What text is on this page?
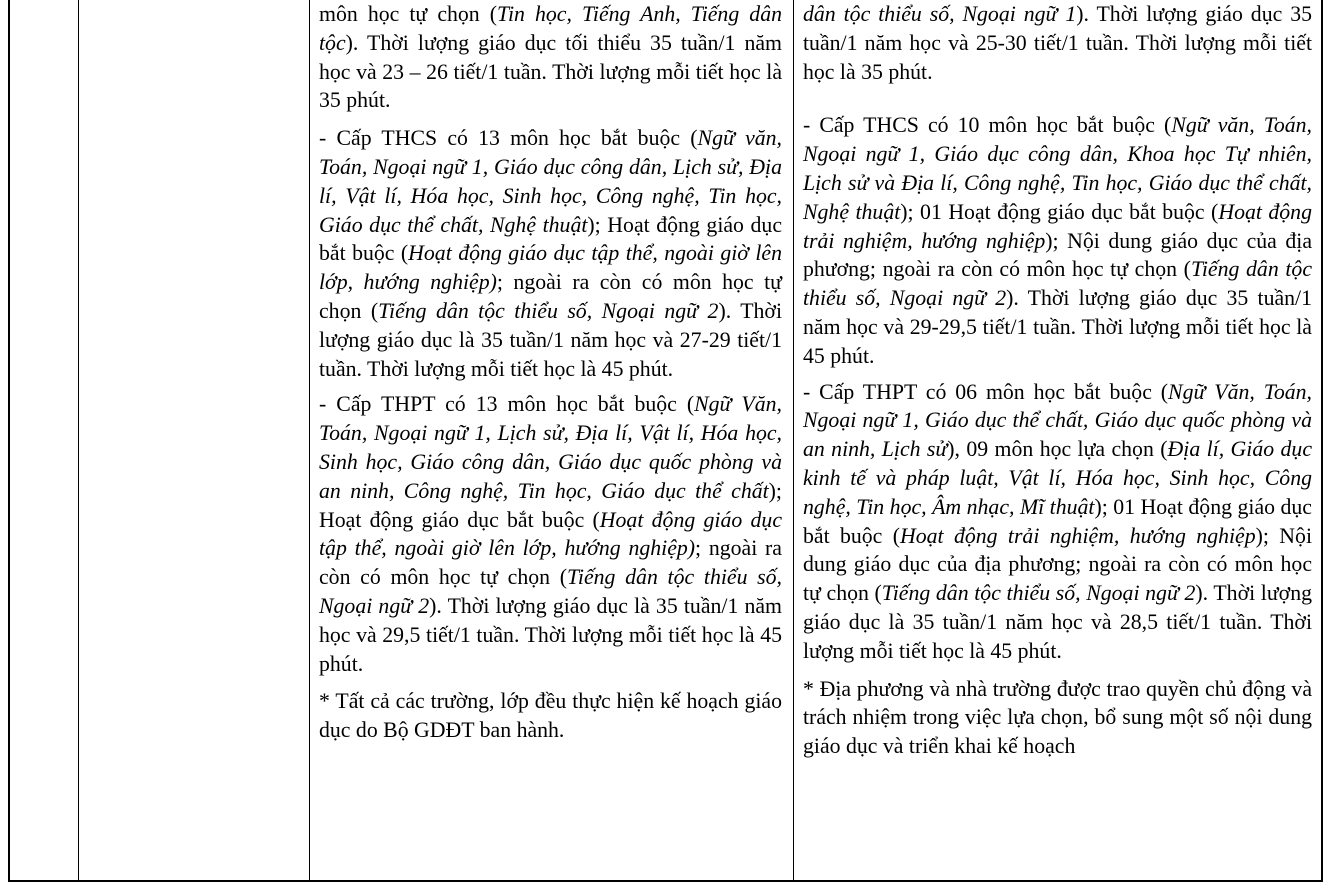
môn học tự chọn (Tin học, Tiếng Anh, Tiếng dân tộc). Thời lượng giáo dục tối thiểu 35 tuần/1 năm học và 23 – 26 tiết/1 tuần. Thời lượng mỗi tiết học là 35 phút.

- Cấp THCS có 13 môn học bắt buộc (Ngữ văn, Toán, Ngoại ngữ 1, Giáo dục công dân, Lịch sử, Địa lí, Vật lí, Hóa học, Sinh học, Công nghệ, Tin học, Giáo dục thể chất, Nghệ thuật); Hoạt động giáo dục bắt buộc (Hoạt động giáo dục tập thể, ngoài giờ lên lớp, hướng nghiệp); ngoài ra còn có môn học tự chọn (Tiếng dân tộc thiểu số, Ngoại ngữ 2). Thời lượng giáo dục là 35 tuần/1 năm học và 27-29 tiết/1 tuần. Thời lượng mỗi tiết học là 45 phút.

- Cấp THPT có 13 môn học bắt buộc (Ngữ Văn, Toán, Ngoại ngữ 1, Lịch sử, Địa lí, Vật lí, Hóa học, Sinh học, Giáo công dân, Giáo dục quốc phòng và an ninh, Công nghệ, Tin học, Giáo dục thể chất); Hoạt động giáo dục bắt buộc (Hoạt động giáo dục tập thể, ngoài giờ lên lớp, hướng nghiệp); ngoài ra còn có môn học tự chọn (Tiếng dân tộc thiểu số, Ngoại ngữ 2). Thời lượng giáo dục là 35 tuần/1 năm học và 29,5 tiết/1 tuần. Thời lượng mỗi tiết học là 45 phút.

* Tất cả các trường, lớp đều thực hiện kế hoạch giáo dục do Bộ GDĐT ban hành.

dân tộc thiểu số, Ngoại ngữ 1). Thời lượng giáo dục 35 tuần/1 năm học và 25-30 tiết/1 tuần. Thời lượng mỗi tiết học là 35 phút.

- Cấp THCS có 10 môn học bắt buộc (Ngữ văn, Toán, Ngoại ngữ 1, Giáo dục công dân, Khoa học Tự nhiên, Lịch sử và Địa lí, Công nghệ, Tin học, Giáo dục thể chất, Nghệ thuật); 01 Hoạt động giáo dục bắt buộc (Hoạt động trải nghiệm, hướng nghiệp); Nội dung giáo dục của địa phương; ngoài ra còn có môn học tự chọn (Tiếng dân tộc thiểu số, Ngoại ngữ 2). Thời lượng giáo dục 35 tuần/1 năm học và 29-29,5 tiết/1 tuần. Thời lượng mỗi tiết học là 45 phút.

- Cấp THPT có 06 môn học bắt buộc (Ngữ Văn, Toán, Ngoại ngữ 1, Giáo dục thể chất, Giáo dục quốc phòng và an ninh, Lịch sử), 09 môn học lựa chọn (Địa lí, Giáo dục kinh tế và pháp luật, Vật lí, Hóa học, Sinh học, Công nghệ, Tin học, Âm nhạc, Mĩ thuật); 01 Hoạt động giáo dục bắt buộc (Hoạt động trải nghiệm, hướng nghiệp); Nội dung giáo dục của địa phương; ngoài ra còn có môn học tự chọn (Tiếng dân tộc thiểu số, Ngoại ngữ 2). Thời lượng giáo dục là 35 tuần/1 năm học và 28,5 tiết/1 tuần. Thời lượng mỗi tiết học là 45 phút.

* Địa phương và nhà trường được trao quyền chủ động và trách nhiệm trong việc lựa chọn, bổ sung một số nội dung giáo dục và triển khai kế hoạch
